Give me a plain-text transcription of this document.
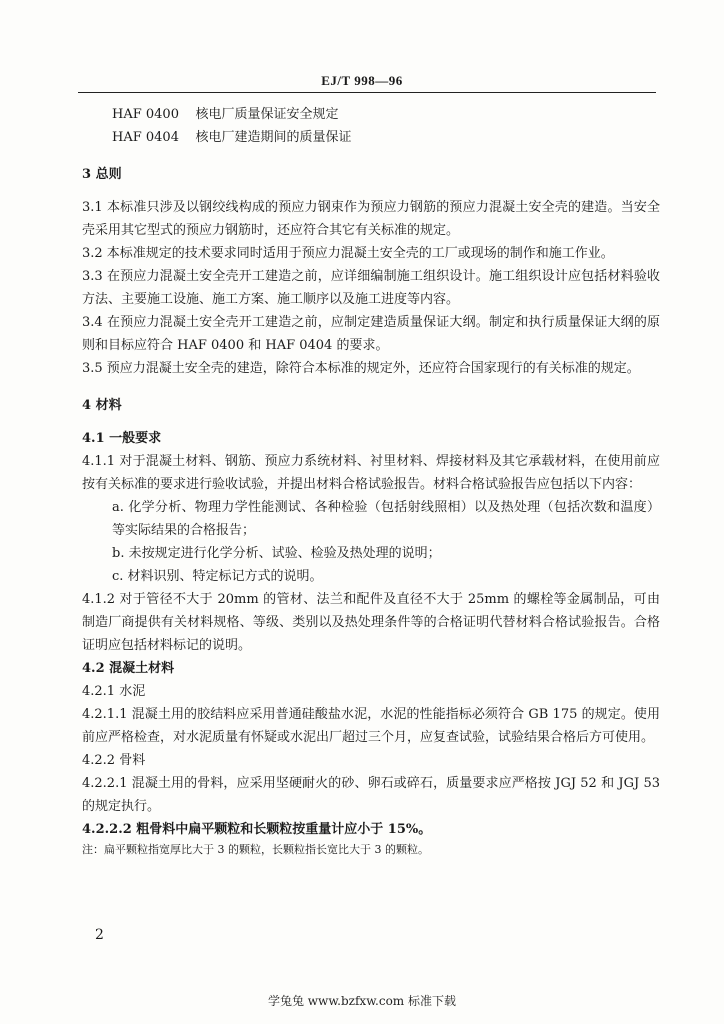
EJ/T 998—96

HAF 0400 核电厂质量保证安全规定

HAF 0404 核电厂建造期间的质量保证

3 总则

3.1 本标准只涉及以钢绞线构成的预应力钢束作为预应力钢筋的预应力混凝土安全壳的建造。当安全壳采用其它型式的预应力钢筋时，还应符合其它有关标准的规定。

3.2 本标准规定的技术要求同时适用于预应力混凝土安全壳的工厂或现场的制作和施工作业。

3.3 在预应力混凝土安全壳开工建造之前，应详细编制施工组织设计。施工组织设计应包括材料验收方法、主要施工设施、施工方案、施工顺序以及施工进度等内容。

3.4 在预应力混凝土安全壳开工建造之前，应制定建造质量保证大纲。制定和执行质量保证大纲的原则和目标应符合 HAF 0400 和 HAF 0404 的要求。

3.5 预应力混凝土安全壳的建造，除符合本标准的规定外，还应符合国家现行的有关标准的规定。

4 材料

4.1 一般要求

4.1.1 对于混凝土材料、钢筋、预应力系统材料、衬里材料、焊接材料及其它承载材料，在使用前应按有关标准的要求进行验收试验，并提出材料合格试验报告。材料合格试验报告应包括以下内容：

a. 化学分析、物理力学性能测试、各种检验（包括射线照相）以及热处理（包括次数和温度）等实际结果的合格报告；

b. 未按规定进行化学分析、试验、检验及热处理的说明；

c. 材料识别、特定标记方式的说明。

4.1.2 对于管径不大于 20mm 的管材、法兰和配件及直径不大于 25mm 的螺栓等金属制品，可由制造厂商提供有关材料规格、等级、类别以及热处理条件等的合格证明代替材料合格试验报告。合格证明应包括材料标记的说明。

4.2 混凝土材料

4.2.1 水泥

4.2.1.1 混凝土用的胶结料应采用普通硅酸盐水泥，水泥的性能指标必须符合 GB 175 的规定。使用前应严格检查，对水泥质量有怀疑或水泥出厂超过三个月，应复查试验，试验结果合格后方可使用。

4.2.2 骨料

4.2.2.1 混凝土用的骨料，应采用坚硬耐火的砂、卵石或碎石，质量要求应严格按 JGJ 52 和 JGJ 53 的规定执行。

4.2.2.2 粗骨料中扁平颗粒和长颗粒按重量计应小于 15%。

注：扁平颗粒指宽厚比大于 3 的颗粒，长颗粒指长宽比大于 3 的颗粒。

2
学兔兔 www.bzfxw.com 标准下载
